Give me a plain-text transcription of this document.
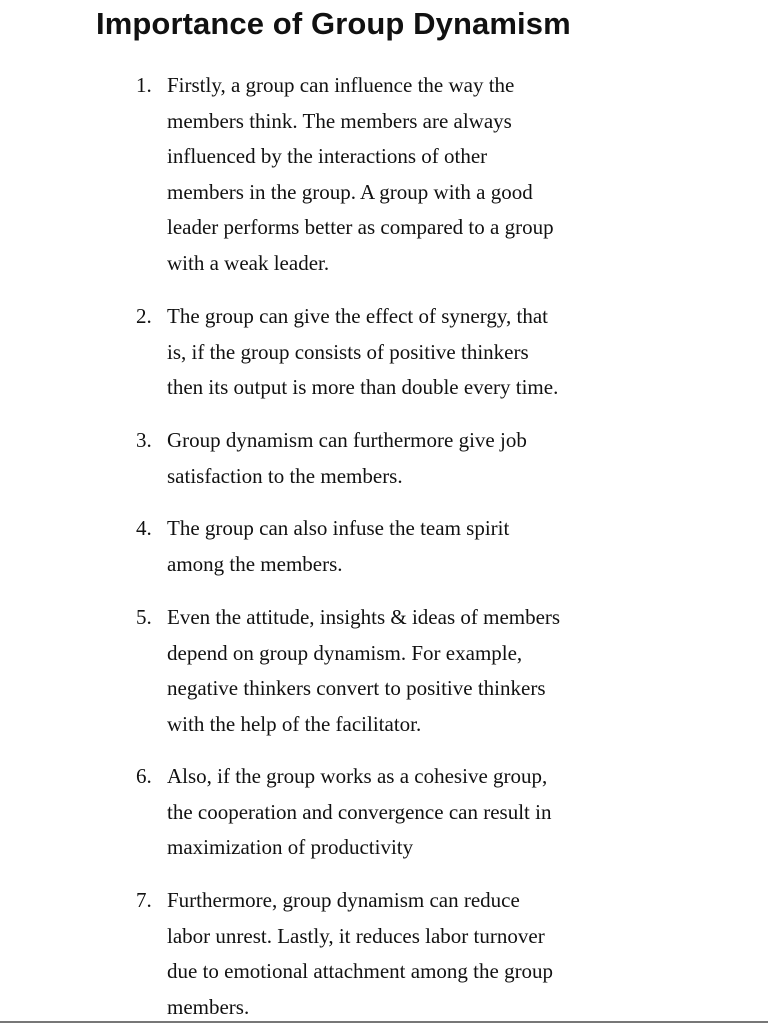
Importance of Group Dynamism
1. Firstly, a group can influence the way the
members think. The members are always
influenced by the interactions of other
members in the group. A group with a good
leader performs better as compared to a group
with a weak leader.
2. The group can give the effect of synergy, that
is, if the group consists of positive thinkers
then its output is more than double every time.
3. Group dynamism can furthermore give job
satisfaction to the members.
4. The group can also infuse the team spirit
among the members.
5. Even the attitude, insights & ideas of members
depend on group dynamism. For example,
negative thinkers convert to positive thinkers
with the help of the facilitator.
6. Also, if the group works as a cohesive group,
the cooperation and convergence can result in
maximization of productivity
7. Furthermore, group dynamism can reduce
labor unrest. Lastly, it reduces labor turnover
due to emotional attachment among the group
members.
